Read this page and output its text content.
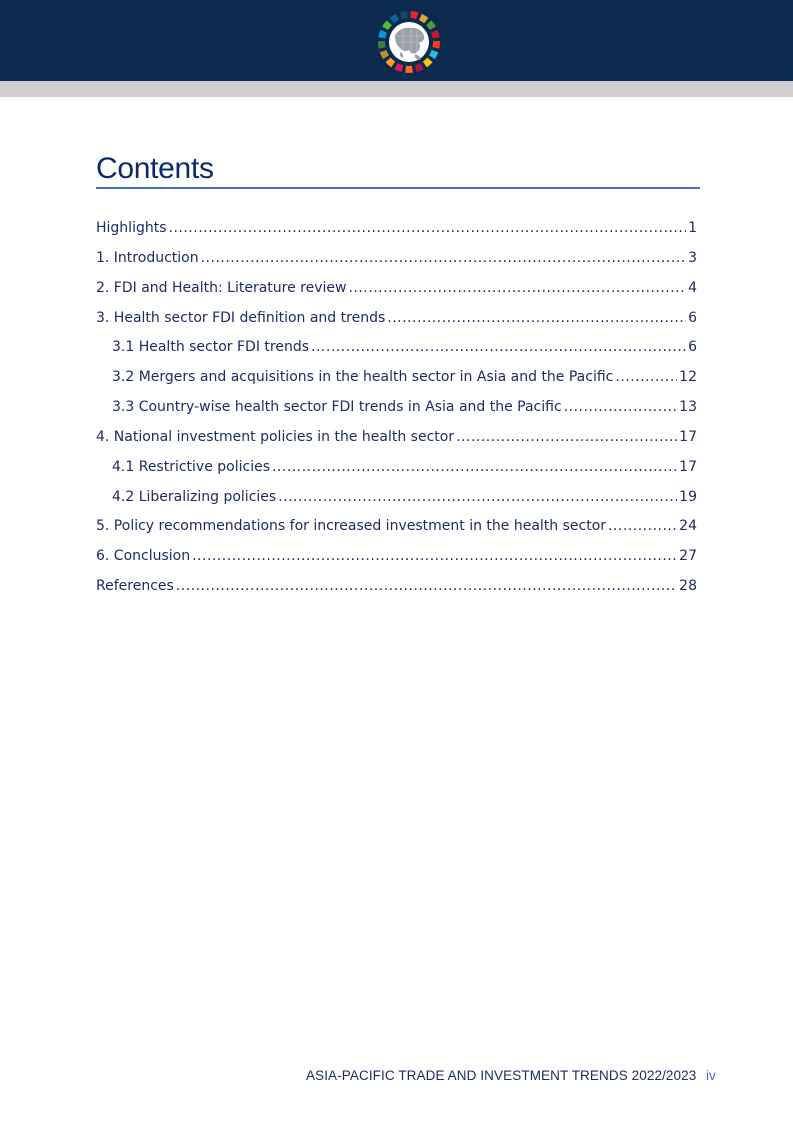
Contents
Highlights .....	1
1. Introduction .....	3
2. FDI and Health: Literature review .....	4
3. Health sector FDI definition and trends .....	6
3.1 Health sector FDI trends .....	6
3.2 Mergers and acquisitions in the health sector in Asia and the Pacific .....	12
3.3 Country-wise health sector FDI trends in Asia and the Pacific .....	13
4. National investment policies in the health sector .....	17
4.1 Restrictive policies .....	17
4.2 Liberalizing policies .....	19
5. Policy recommendations for increased investment in the health sector .....	24
6. Conclusion .....	27
References .....	28
ASIA-PACIFIC TRADE AND INVESTMENT TRENDS 2022/2023 iv
